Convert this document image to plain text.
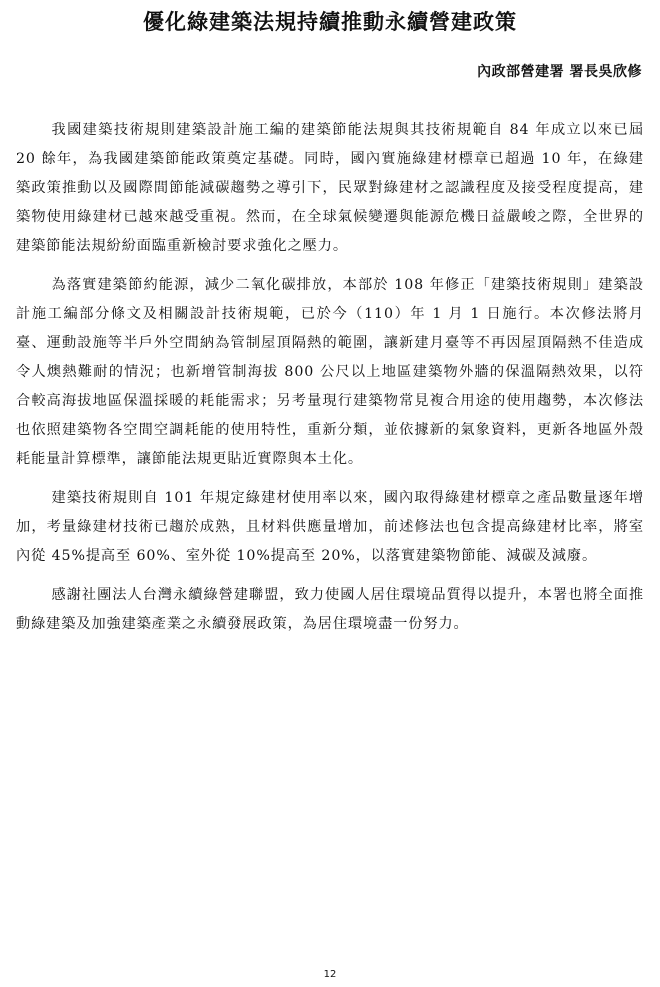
優化綠建築法規持續推動永續營建政策

內政部營建署 署長吳欣修

我國建築技術規則建築設計施工編的建築節能法規與其技術規範自 84 年成立以來已屆 20 餘年，為我國建築節能政策奠定基礎。同時，國內實施綠建材標章已超過 10 年，在綠建築政策推動以及國際間節能減碳趨勢之導引下，民眾對綠建材之認識程度及接受程度提高，建築物使用綠建材已越來越受重視。然而，在全球氣候變遷與能源危機日益嚴峻之際，全世界的建築節能法規紛紛面臨重新檢討要求強化之壓力。

為落實建築節約能源，減少二氧化碳排放，本部於 108 年修正「建築技術規則」建築設計施工編部分條文及相關設計技術規範，已於今（110）年 1 月 1 日施行。本次修法將月臺、運動設施等半戶外空間納為管制屋頂隔熱的範圍，讓新建月臺等不再因屋頂隔熱不佳造成令人燠熱難耐的情況；也新增管制海拔 800 公尺以上地區建築物外牆的保溫隔熱效果，以符合較高海拔地區保溫採暖的耗能需求；另考量現行建築物常見複合用途的使用趨勢，本次修法也依照建築物各空間空調耗能的使用特性，重新分類，並依據新的氣象資料，更新各地區外殼耗能量計算標準，讓節能法規更貼近實際與本土化。

建築技術規則自 101 年規定綠建材使用率以來，國內取得綠建材標章之產品數量逐年增加，考量綠建材技術已趨於成熟，且材料供應量增加，前述修法也包含提高綠建材比率，將室內從 45%提高至 60%、室外從 10%提高至 20%，以落實建築物節能、減碳及減廢。

感謝社團法人台灣永續綠營建聯盟，致力使國人居住環境品質得以提升，本署也將全面推動綠建築及加強建築產業之永續發展政策，為居住環境盡一份努力。

12
